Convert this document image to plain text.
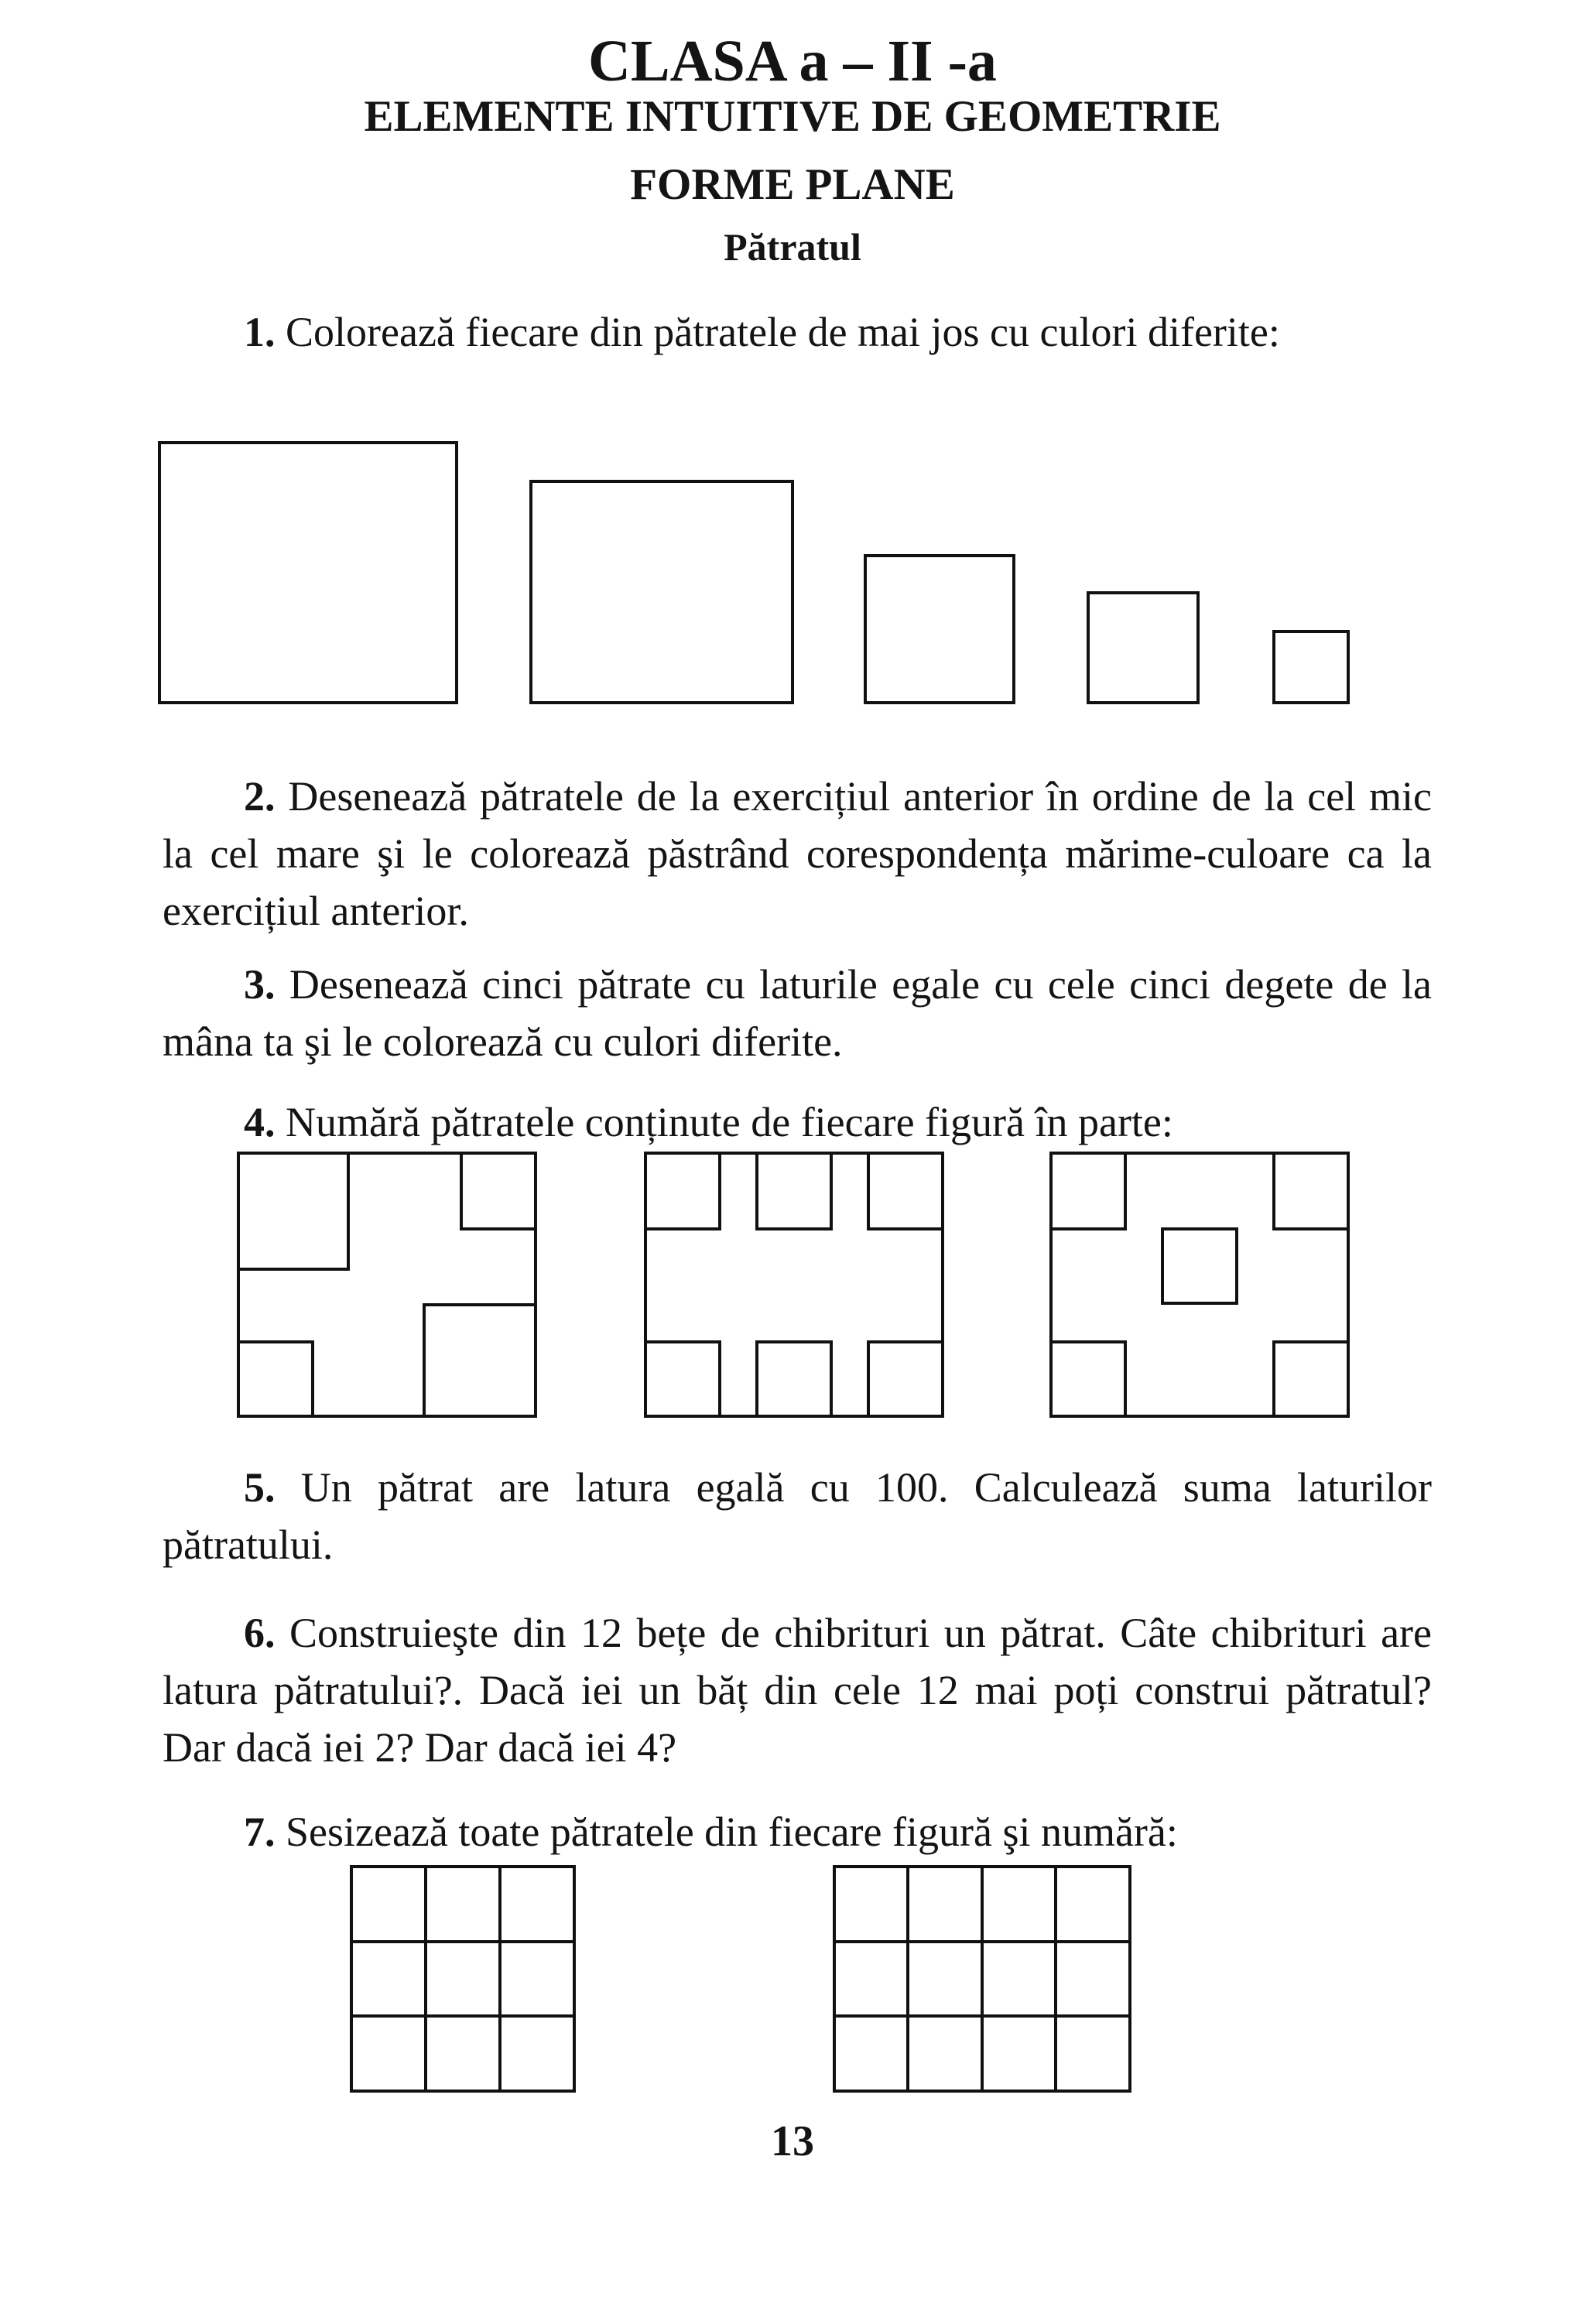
CLASA a – II -a
ELEMENTE INTUITIVE DE GEOMETRIE
FORME PLANE
Pătratul
1. Colorează fiecare din pătratele de mai jos cu culori diferite:
2. Desenează pătratele de la exercițiul anterior în ordine de la cel mic la cel mare şi le colorează păstrând corespondența mărime-culoare ca la exercițiul anterior.
3. Desenează cinci pătrate cu laturile egale cu cele cinci degete de la mâna ta şi le colorează cu culori diferite.
4. Numără pătratele conținute de fiecare figură în parte:
5. Un pătrat are latura egală cu 100. Calculează suma laturilor pătratului.
6. Construieşte din 12 bețe de chibrituri un pătrat. Câte chibrituri are latura pătratului?. Dacă iei un băț din cele 12 mai poți construi pătratul? Dar dacă iei 2? Dar dacă iei 4?
7. Sesizează toate pătratele din fiecare figură şi numără:
13
